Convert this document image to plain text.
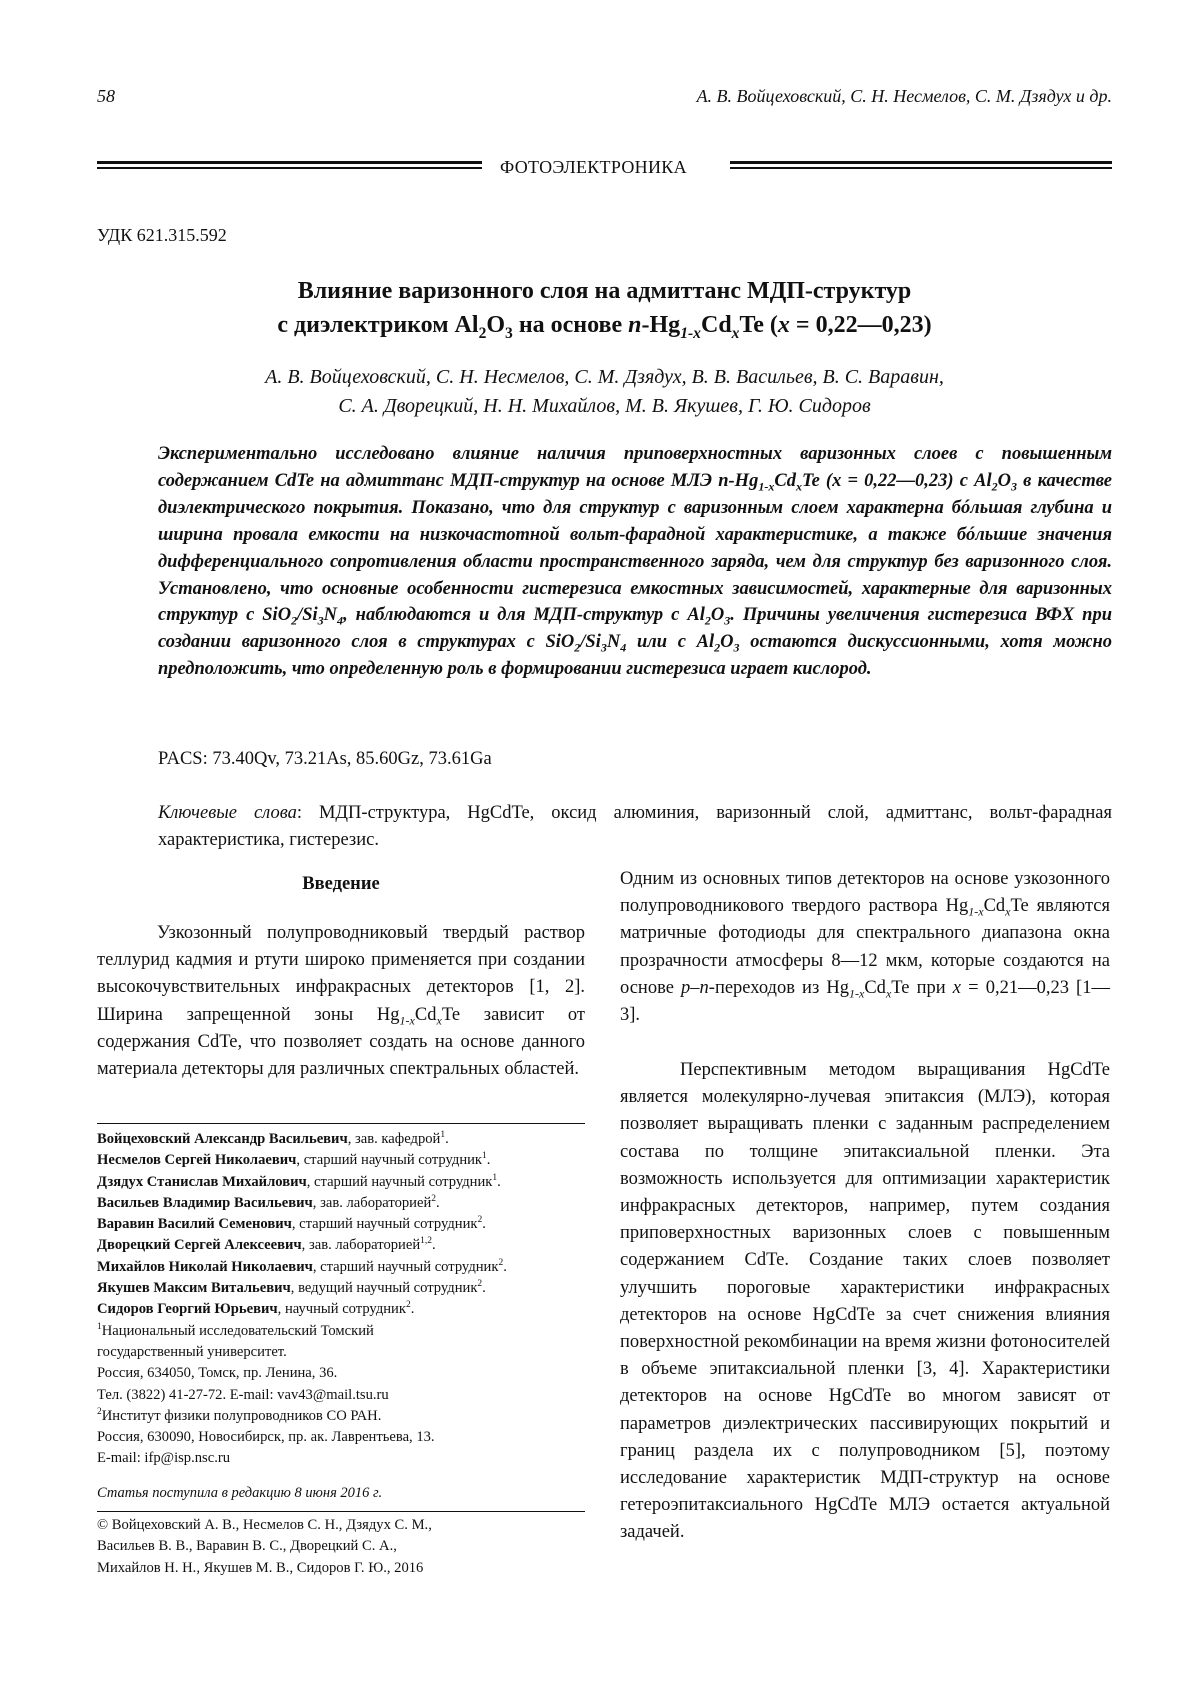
58	А. В. Войцеховский, С. Н. Несмелов, С. М. Дзядух и др.
ФОТОЭЛЕКТРОНИКА
УДК 621.315.592
Влияние варизонного слоя на адмиттанс МДП-структур
с диэлектриком $Al_2O_3$ на основе $n-Hg_{1-x}Cd_xTe$ (x = 0,22—0,23)
А. В. Войцеховский, С. Н. Несмелов, С. М. Дзядух, В. В. Васильев, В. С. Варавин,
С. А. Дворецкий, Н. Н. Михайлов, М. В. Якушев, Г. Ю. Сидоров
Экспериментально исследовано влияние наличия приповерхностных варизонных слоев с повышенным содержанием CdTe на адмиттанс МДП-структур на основе МЛЭ $n-Hg_{1-x}Cd_xTe$ (x = 0,22—0,23) с $Al_2O_3$ в качестве диэлектрического покрытия. Показано, что для структур с варизонным слоем характерна бóльшая глубина и ширина провала емкости на низкочастотной вольт-фарадной характеристике, а также бóльшие значения дифференциального сопротивления области пространственного заряда, чем для структур без варизонного слоя. Установлено, что основные особенности гистерезиса емкостных зависимостей, характерные для варизонных структур с $SiO_2/Si_3N_4$, наблюдаются и для МДП-структур с $Al_2O_3$. Причины увеличения гистерезиса ВФХ при создании варизонного слоя в структурах с $SiO_2/Si_3N_4$ или с $Al_2O_3$ остаются дискуссионными, хотя можно предположить, что определенную роль в формировании гистерезиса играет кислород.
PACS: 73.40Qv, 73.21As, 85.60Gz, 73.61Ga
Ключевые слова: МДП-структура, HgCdTe, оксид алюминия, варизонный слой, адмиттанс, вольт-фарадная характеристика, гистерезис.
Введение
Узкозонный полупроводниковый твердый раствор теллурид кадмия и ртути широко применяется при создании высокочувствительных инфракрасных детекторов [1, 2]. Ширина запрещенной зоны $Hg_{1-x}Cd_xTe$ зависит от содержания CdTe, что позволяет создать на основе данного материала детекторы для различных спектральных областей.
Войцеховский Александр Васильевич, зав. кафедрой$^1$.
Несмелов Сергей Николаевич, старший научный сотрудник$^1$.
Дзядух Станислав Михайлович, старший научный сотрудник$^1$.
Васильев Владимир Васильевич, зав. лабораторией$^2$.
Варавин Василий Семенович, старший научный сотрудник$^2$.
Дворецкий Сергей Алексеевич, зав. лабораторией$^{1,2}$.
Михайлов Николай Николаевич, старший научный сотрудник$^2$.
Якушев Максим Витальевич, ведущий научный сотрудник$^2$.
Сидоров Георгий Юрьевич, научный сотрудник$^2$.
$^1$Национальный исследовательский Томский
государственный университет.
Россия, 634050, Томск, пр. Ленина, 36.
Тел. (3822) 41-27-72. E-mail: vav43@mail.tsu.ru
$^2$Институт физики полупроводников СО РАН.
Россия, 630090, Новосибирск, пр. ак. Лаврентьева, 13.
E-mail: ifp@isp.nsc.ru
Статья поступила в редакцию 8 июня 2016 г.
© Войцеховский А. В., Несмелов С. Н., Дзядух С. М.,
Васильев В. В., Варавин В. С., Дворецкий С. А.,
Михайлов Н. Н., Якушев М. В., Сидоров Г. Ю., 2016
Одним из основных типов детекторов на основе узкозонного полупроводникового твердого раствора $Hg_{1-x}Cd_xTe$ являются матричные фотодиоды для спектрального диапазона окна прозрачности атмосферы 8—12 мкм, которые создаются на основе p–n-переходов из $Hg_{1-x}Cd_xTe$ при x = 0,21—0,23 [1—3].
Перспективным методом выращивания HgCdTe является молекулярно-лучевая эпитаксия (МЛЭ), которая позволяет выращивать пленки с заданным распределением состава по толщине эпитаксиальной пленки. Эта возможность используется для оптимизации характеристик инфракрасных детекторов, например, путем создания приповерхностных варизонных слоев с повышенным содержанием CdTe. Создание таких слоев позволяет улучшить пороговые характеристики инфракрасных детекторов на основе HgCdTe за счет снижения влияния поверхностной рекомбинации на время жизни фотоносителей в объеме эпитаксиальной пленки [3, 4]. Характеристики детекторов на основе HgCdTe во многом зависят от параметров диэлектрических пассивирующих покрытий и границ раздела их с полупроводником [5], поэтому исследование характеристик МДП-структур на основе гетероэпитаксиального HgCdTe МЛЭ остается актуальной задачей.
